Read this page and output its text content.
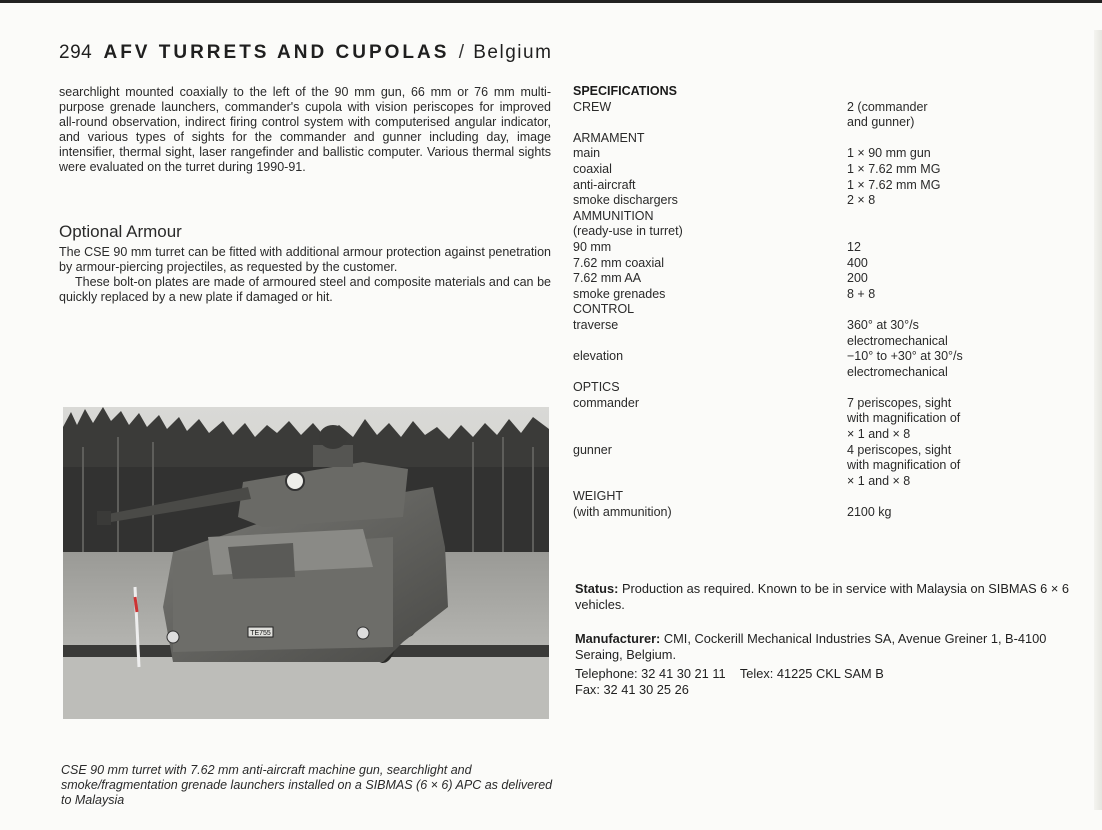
294 AFV TURRETS AND CUPOLAS / Belgium

searchlight mounted coaxially to the left of the 90 mm gun, 66 mm or 76 mm multi-purpose grenade launchers, commander's cupola with vision periscopes for improved all-round observation, indirect firing control system with computerised angular indicator, and various types of sights for the commander and gunner including day, image intensifier, thermal sight, laser rangefinder and ballistic computer. Various thermal sights were evaluated on the turret during 1990-91.

Optional Armour

The CSE 90 mm turret can be fitted with additional armour protection against penetration by armour-piercing projectiles, as requested by the customer.

These bolt-on plates are made of armoured steel and composite materials and can be quickly replaced by a new plate if damaged or hit.

TE755

CSE 90 mm turret with 7.62 mm anti-aircraft machine gun, searchlight and smoke/fragmentation grenade launchers installed on a SIBMAS (6 × 6) APC as delivered to Malaysia

SPECIFICATIONS
CREW	2 (commander
and gunner)
ARMAMENT
main	1 × 90 mm gun
coaxial	1 × 7.62 mm MG
anti-aircraft	1 × 7.62 mm MG
smoke dischargers	2 × 8
AMMUNITION
(ready-use in turret)
90 mm	12
7.62 mm coaxial	400
7.62 mm AA	200
smoke grenades	8 + 8
CONTROL
traverse	360° at 30°/s
electromechanical
elevation	−10° to +30° at 30°/s
electromechanical
OPTICS
commander	7 periscopes, sight
with magnification of
× 1 and × 8
gunner	4 periscopes, sight
with magnification of
× 1 and × 8
WEIGHT
(with ammunition)	2100 kg

Status: Production as required. Known to be in service with Malaysia on SIBMAS 6 × 6 vehicles.

Manufacturer: CMI, Cockerill Mechanical Industries SA, Avenue Greiner 1, B-4100 Seraing, Belgium.

Telephone: 32 41 30 21 11 Telex: 41225 CKL SAM B
Fax: 32 41 30 25 26
